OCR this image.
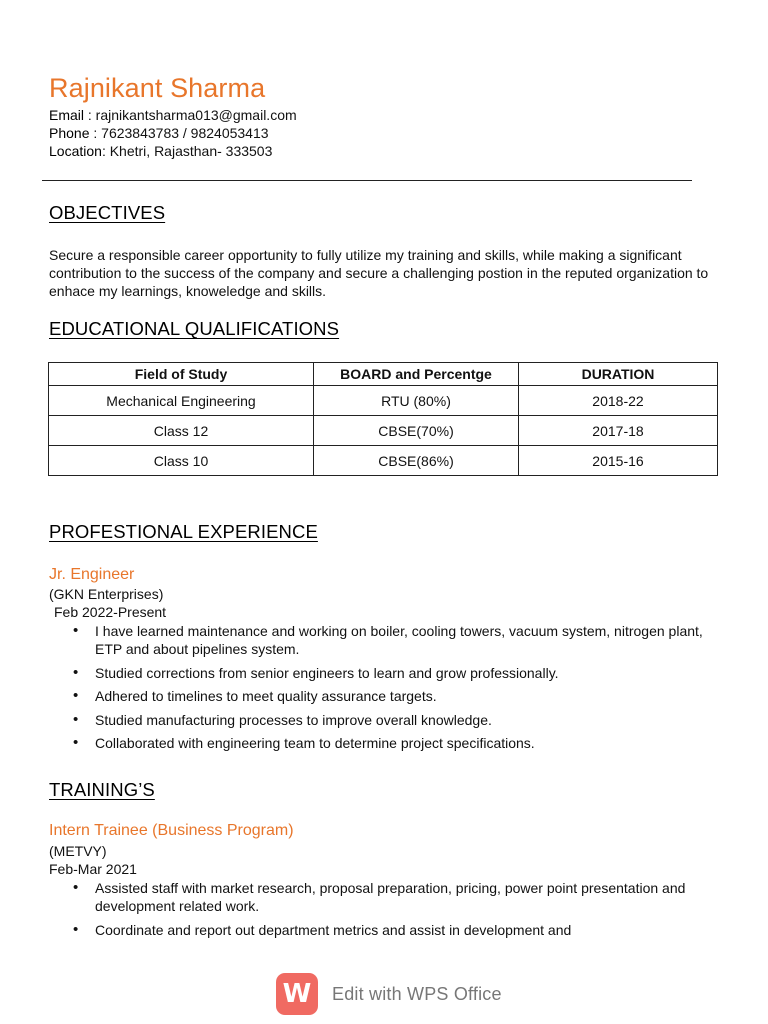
Rajnikant Sharma
Email : rajnikantsharma013@gmail.com
Phone : 7623843783 / 9824053413
Location: Khetri, Rajasthan- 333503
OBJECTIVES

Secure a responsible career opportunity to fully utilize my training and skills, while making a significant contribution to the success of the company and secure a challenging postion in the reputed organization to enhace my learnings, knoweledge and skills.

EDUCATIONAL QUALIFICATIONS
Field of Study	BOARD and Percentge	DURATION
Mechanical Engineering	RTU (80%)	2018-22
Class 12	CBSE(70%)	2017-18
Class 10	CBSE(86%)	2015-16
PROFESTIONAL EXPERIENCE
Jr. Engineer
(GKN Enterprises)
Feb 2022-Present
• I have learned maintenance and working on boiler, cooling towers, vacuum system, nitrogen plant, ETP and about pipelines system.
• Studied corrections from senior engineers to learn and grow professionally.
• Adhered to timelines to meet quality assurance targets.
• Studied manufacturing processes to improve overall knowledge.
• Collaborated with engineering team to determine project specifications.
TRAINING’S
Intern Trainee (Business Program)
(METVY)
Feb-Mar 2021
• Assisted staff with market research, proposal preparation, pricing, power point presentation and development related work.
• Coordinate and report out department metrics and assist in development and
W Edit with WPS Office
